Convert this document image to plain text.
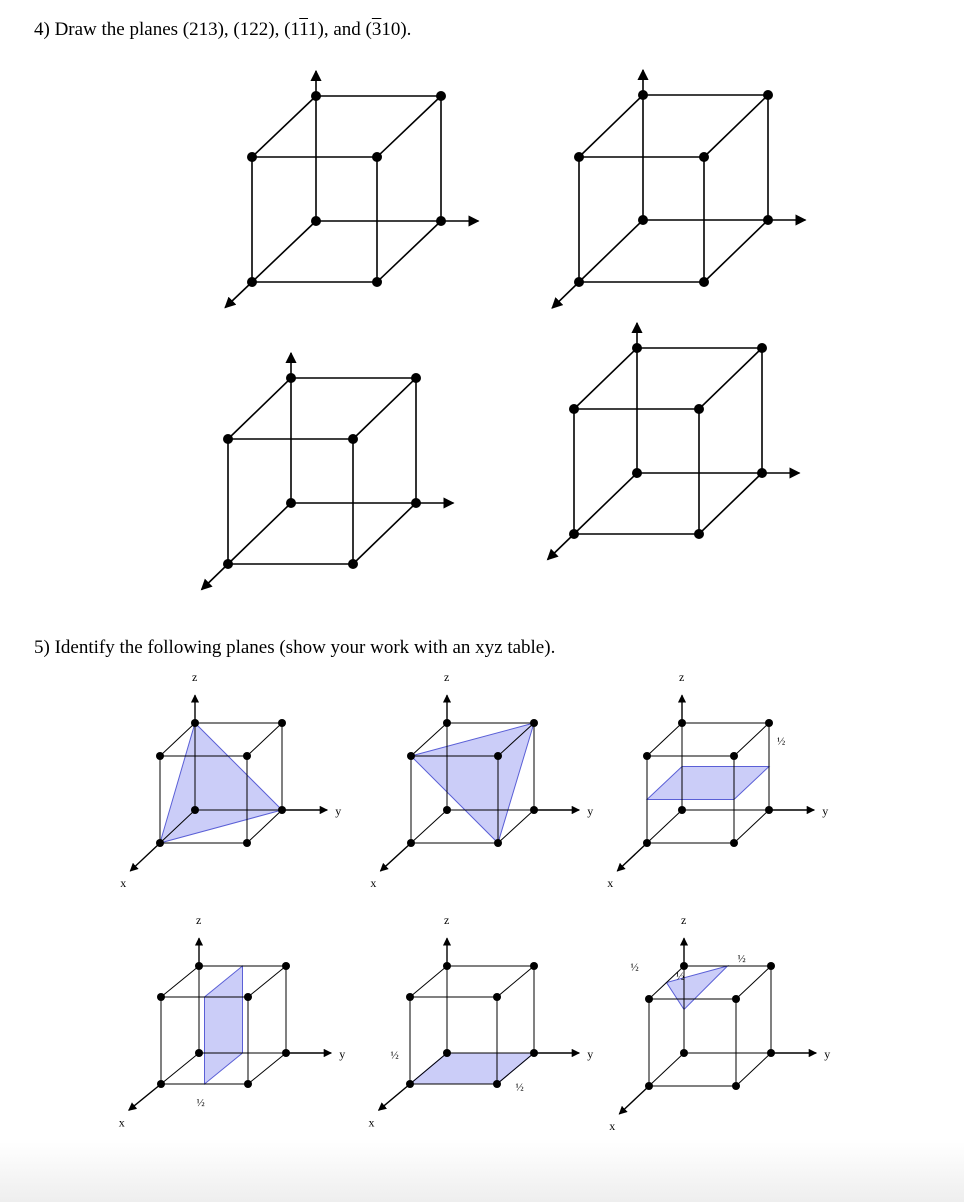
4) Draw the planes (213), (122), (111), and (310).
5) Identify the following planes (show your work with an xyz table).
z
y
x
z
y
x
z
y
x
½
z
y
x
½
z
y
x
½
½
z
y
x
½
½
½
